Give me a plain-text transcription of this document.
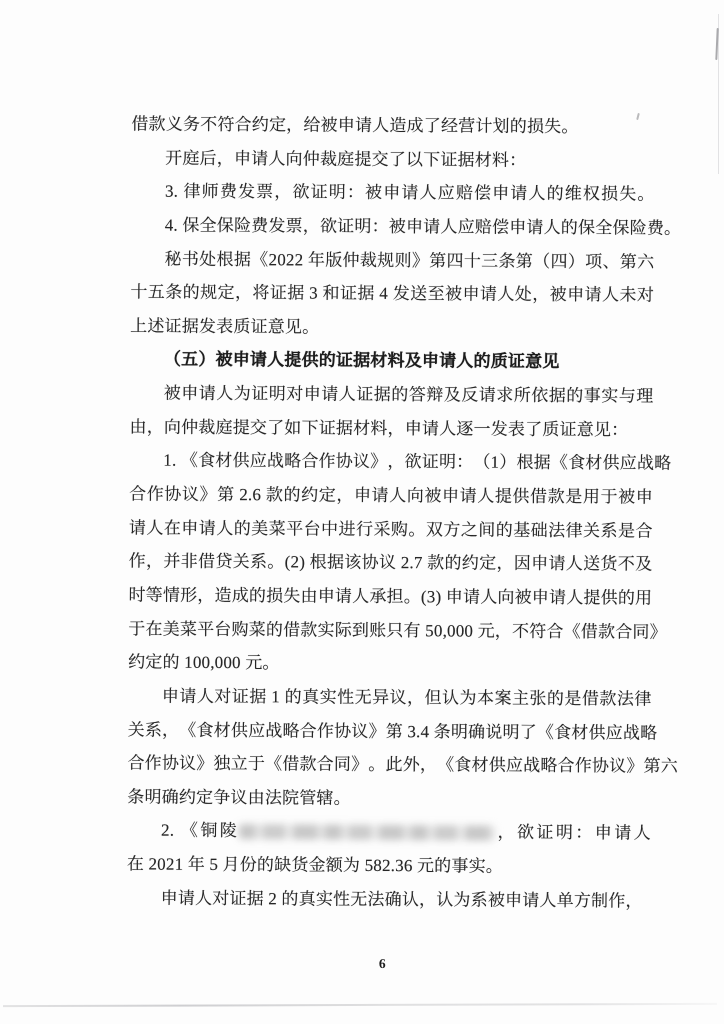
借款义务不符合约定，给被申请人造成了经营计划的损失。
开庭后，申请人向仲裁庭提交了以下证据材料：
3. 律 师 费 发 票 ， 欲 证 明 ： 被 申 请 人 应 赔 偿 申 请 人 的 维 权 损 失 。
4. 保 全 保 险 费 发 票 ， 欲 证 明 ： 被 申 请 人 应 赔 偿 申 请 人 的 保 全 保 险 费 。
秘 书 处 根 据 《 2022 年 版 仲 裁 规 则 》 第 四 十 三 条 第 （ 四 ） 项 、 第 六
十 五 条 的 规 定 ， 将 证 据 3 和 证 据 4 发 送 至 被 申 请 人 处 ， 被 申 请 人 未 对
上述证据发表质证意见。
（五）被申请人提供的证据材料及申请人的质证意见
被 申 请 人 为 证 明 对 申 请 人 证 据 的 答 辩 及 反 请 求 所 依 据 的 事 实 与 理
由，向仲裁庭提交了如下证据材料，申请人逐一发表了质证意见：
1. 《 食 材 供 应 战 略 合 作 协 议 》 ， 欲 证 明 ： （ 1 ） 根 据 《 食 材 供 应 战 略
合 作 协 议 》 第 2.6 款 的 约 定 ， 申 请 人 向 被 申 请 人 提 供 借 款 是 用 于 被 申
请 人 在 申 请 人 的 美 菜 平 台 中 进 行 采 购 。 双 方 之 间 的 基 础 法 律 关 系 是 合
作 ， 并 非 借 贷 关 系 。 (2) 根 据 该 协 议 2.7 款 的 约 定 ， 因 申 请 人 送 货 不 及
时 等 情 形 ， 造 成 的 损 失 由 申 请 人 承 担 。 (3) 申 请 人 向 被 申 请 人 提 供 的 用
于 在 美 菜 平 台 购 菜 的 借 款 实 际 到 账 只 有 50,000 元 ， 不 符 合 《 借 款 合 同 》
约定的 100,000 元。
申 请 人 对 证 据 1 的 真 实 性 无 异 议 ， 但 认 为 本 案 主 张 的 是 借 款 法 律
关 系 ， 《 食 材 供 应 战 略 合 作 协 议 》 第 3.4 条 明 确 说 明 了 《 食 材 供 应 战 略
合 作 协 议 》 独 立 于 《 借 款 合 同 》 。 此 外 ， 《 食 材 供 应 战 略 合 作 协 议 》 第 六
条明确约定争议由法院管辖。
2. 《 铜 陵	， 欲 证 明 ： 申 请 人
在 2021 年 5 月份的缺货金额为 582.36 元的事实。
申请人对证据 2 的真实性无法确认，认为系被申请人单方制作，
6
